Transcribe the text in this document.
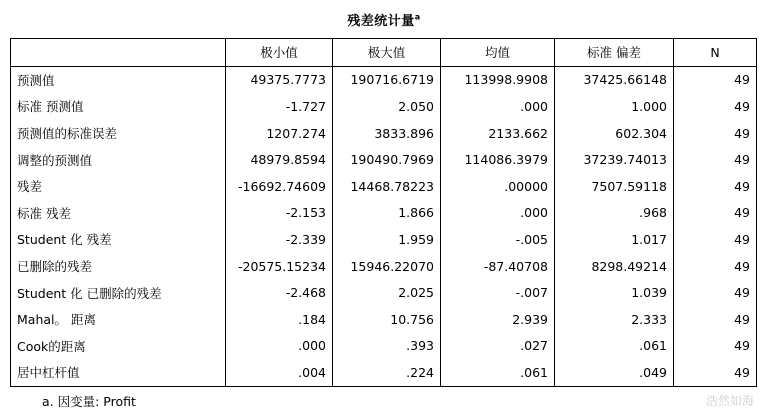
残差统计量$^a$
	极小值	极大值	均值	标准 偏差	N
预测值	49375.7773	190716.6719	113998.9908	37425.66148	49
标准 预测值	-1.727	2.050	.000	1.000	49
预测值的标准误差	1207.274	3833.896	2133.662	602.304	49
调整的预测值	48979.8594	190490.7969	114086.3979	37239.74013	49
残差	-16692.74609	14468.78223	.00000	7507.59118	49
标准 残差	-2.153	1.866	.000	.968	49
Student 化 残差	-2.339	1.959	-.005	1.017	49
已删除的残差	-20575.15234	15946.22070	-87.40708	8298.49214	49
Student 化 已删除的残差	-2.468	2.025	-.007	1.039	49
Mahal。 距离	.184	10.756	2.939	2.333	49
Cook的距离	.000	.393	.027	.061	49
居中杠杆值	.004	.224	.061	.049	49
a. 因变量: Profit	浩然如海
